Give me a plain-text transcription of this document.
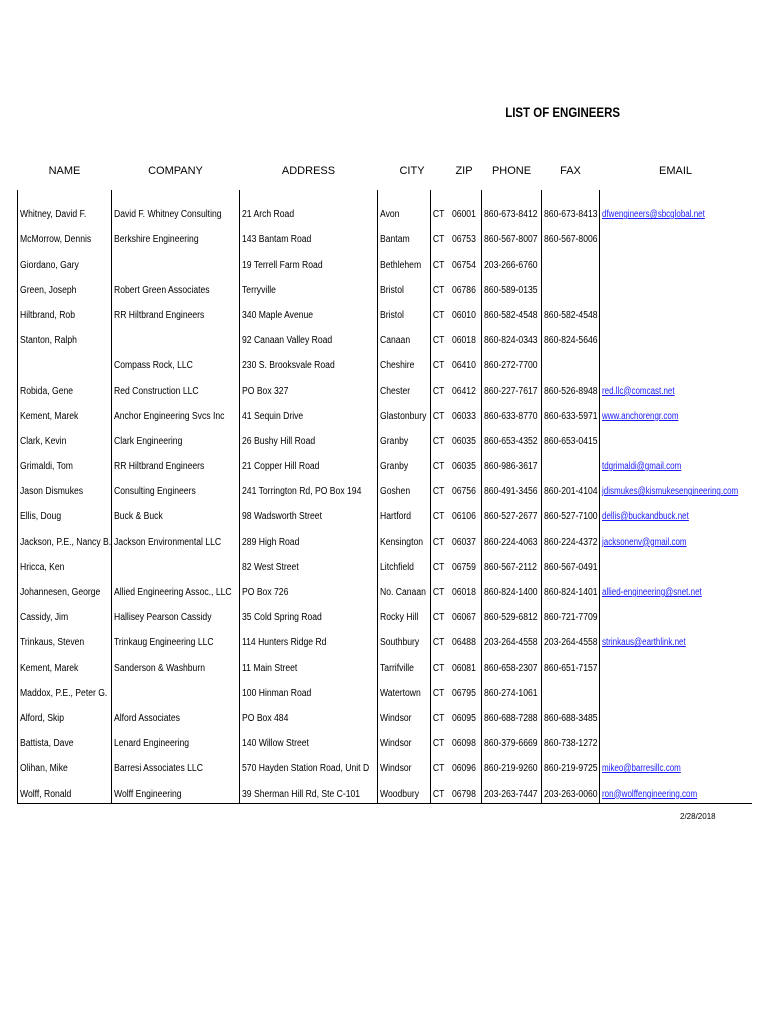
LIST OF ENGINEERS
NAME	COMPANY	ADDRESS	CITY		ZIP	PHONE	FAX	EMAIL
Whitney, David F.	David F. Whitney Consulting	21 Arch Road	Avon	CT	06001	860-673-8412	860-673-8413	dfwengineers@sbcglobal.net
McMorrow, Dennis	Berkshire Engineering	143 Bantam Road	Bantam	CT	06753	860-567-8007	860-567-8006	
Giordano, Gary		19 Terrell Farm Road	Bethlehem	CT	06754	203-266-6760		
Green, Joseph	Robert Green Associates	Terryville	Bristol	CT	06786	860-589-0135		
Hiltbrand, Rob	RR Hiltbrand Engineers	340 Maple Avenue	Bristol	CT	06010	860-582-4548	860-582-4548	
Stanton, Ralph		92 Canaan Valley Road	Canaan	CT	06018	860-824-0343	860-824-5646	
	Compass Rock, LLC	230 S. Brooksvale Road	Cheshire	CT	06410	860-272-7700		
Robida, Gene	Red Construction LLC	PO Box 327	Chester	CT	06412	860-227-7617	860-526-8948	red.llc@comcast.net
Kement, Marek	Anchor Engineering Svcs Inc	41 Sequin Drive	Glastonbury	CT	06033	860-633-8770	860-633-5971	www.anchorengr.com
Clark, Kevin	Clark Engineering	26 Bushy Hill Road	Granby	CT	06035	860-653-4352	860-653-0415	
Grimaldi, Tom	RR Hiltbrand Engineers	21 Copper Hill Road	Granby	CT	06035	860-986-3617		tdgrimaldi@gmail.com
Jason Dismukes	Consulting Engineers	241 Torrington Rd, PO Box 194	Goshen	CT	06756	860-491-3456	860-201-4104	jdismukes@kismukesengineering.com
Ellis, Doug	Buck & Buck	98 Wadsworth Street	Hartford	CT	06106	860-527-2677	860-527-7100	dellis@buckandbuck.net
Jackson, P.E., Nancy B.	Jackson Environmental LLC	289 High Road	Kensington	CT	06037	860-224-4063	860-224-4372	jacksonenv@gmail.com
Hricca, Ken		82 West Street	Litchfield	CT	06759	860-567-2112	860-567-0491	
Johannesen, George	Allied Engineering Assoc., LLC	PO Box 726	No. Canaan	CT	06018	860-824-1400	860-824-1401	allied-engineering@snet.net
Cassidy, Jim	Hallisey Pearson Cassidy	35 Cold Spring Road	Rocky Hill	CT	06067	860-529-6812	860-721-7709	
Trinkaus, Steven	Trinkaug Engineering LLC	114 Hunters Ridge Rd	Southbury	CT	06488	203-264-4558	203-264-4558	strinkaus@earthlink.net
Kement, Marek	Sanderson & Washburn	11 Main Street	Tarrifville	CT	06081	860-658-2307	860-651-7157	
Maddox, P.E., Peter G.		100 Hinman Road	Watertown	CT	06795	860-274-1061		
Alford, Skip	Alford Associates	PO Box 484	Windsor	CT	06095	860-688-7288	860-688-3485	
Battista, Dave	Lenard Engineering	140 Willow Street	Windsor	CT	06098	860-379-6669	860-738-1272	
Olihan, Mike	Barresi Associates LLC	570 Hayden Station Road, Unit D	Windsor	CT	06096	860-219-9260	860-219-9725	mikeo@barresillc.com
Wolff, Ronald	Wolff Engineering	39 Sherman Hill Rd, Ste C-101	Woodbury	CT	06798	203-263-7447	203-263-0060	ron@wolffengineering.com
2/28/2018
